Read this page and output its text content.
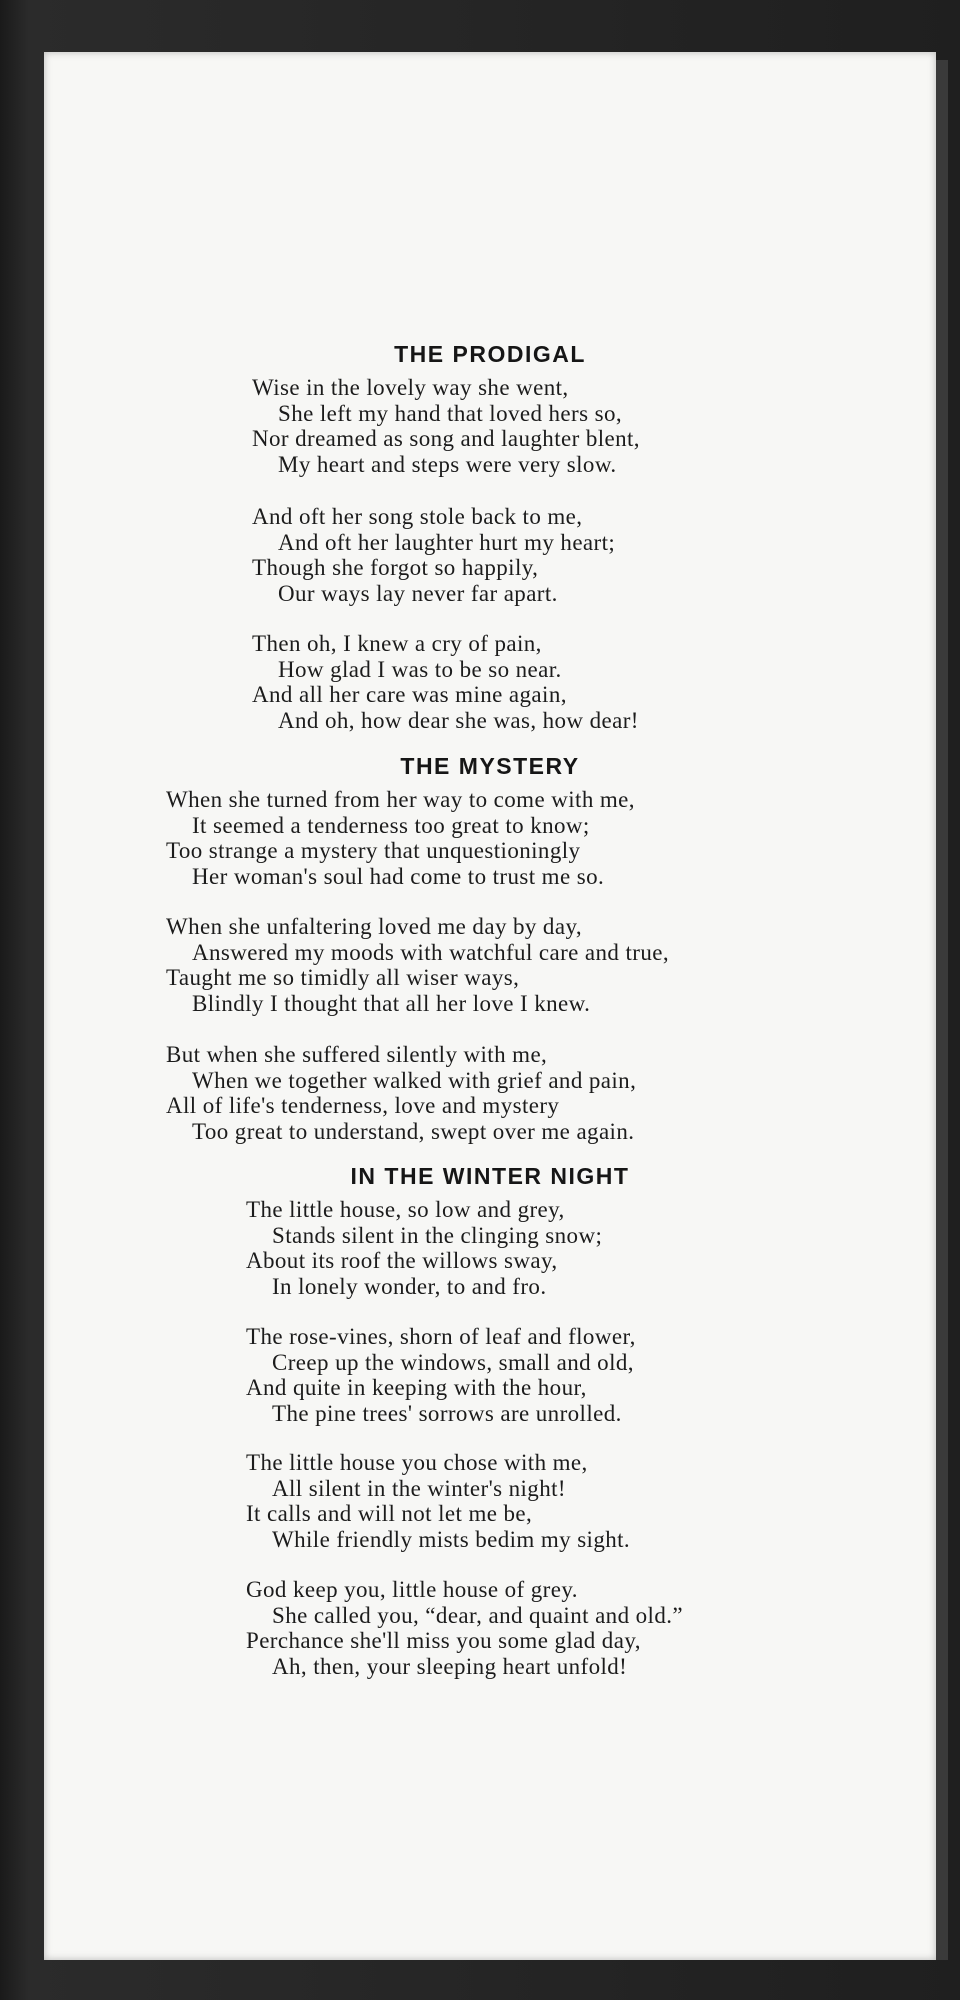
THE PRODIGAL
Wise in the lovely way she went,
She left my hand that loved hers so,
Nor dreamed as song and laughter blent,
My heart and steps were very slow.
And oft her song stole back to me,
And oft her laughter hurt my heart;
Though she forgot so happily,
Our ways lay never far apart.
Then oh, I knew a cry of pain,
How glad I was to be so near.
And all her care was mine again,
And oh, how dear she was, how dear!
THE MYSTERY
When she turned from her way to come with me,
It seemed a tenderness too great to know;
Too strange a mystery that unquestioningly
Her woman's soul had come to trust me so.
When she unfaltering loved me day by day,
Answered my moods with watchful care and true,
Taught me so timidly all wiser ways,
Blindly I thought that all her love I knew.
But when she suffered silently with me,
When we together walked with grief and pain,
All of life's tenderness, love and mystery
Too great to understand, swept over me again.
IN THE WINTER NIGHT
The little house, so low and grey,
Stands silent in the clinging snow;
About its roof the willows sway,
In lonely wonder, to and fro.
The rose-vines, shorn of leaf and flower,
Creep up the windows, small and old,
And quite in keeping with the hour,
The pine trees' sorrows are unrolled.
The little house you chose with me,
All silent in the winter's night!
It calls and will not let me be,
While friendly mists bedim my sight.
God keep you, little house of grey.
She called you, “dear, and quaint and old.”
Perchance she'll miss you some glad day,
Ah, then, your sleeping heart unfold!
